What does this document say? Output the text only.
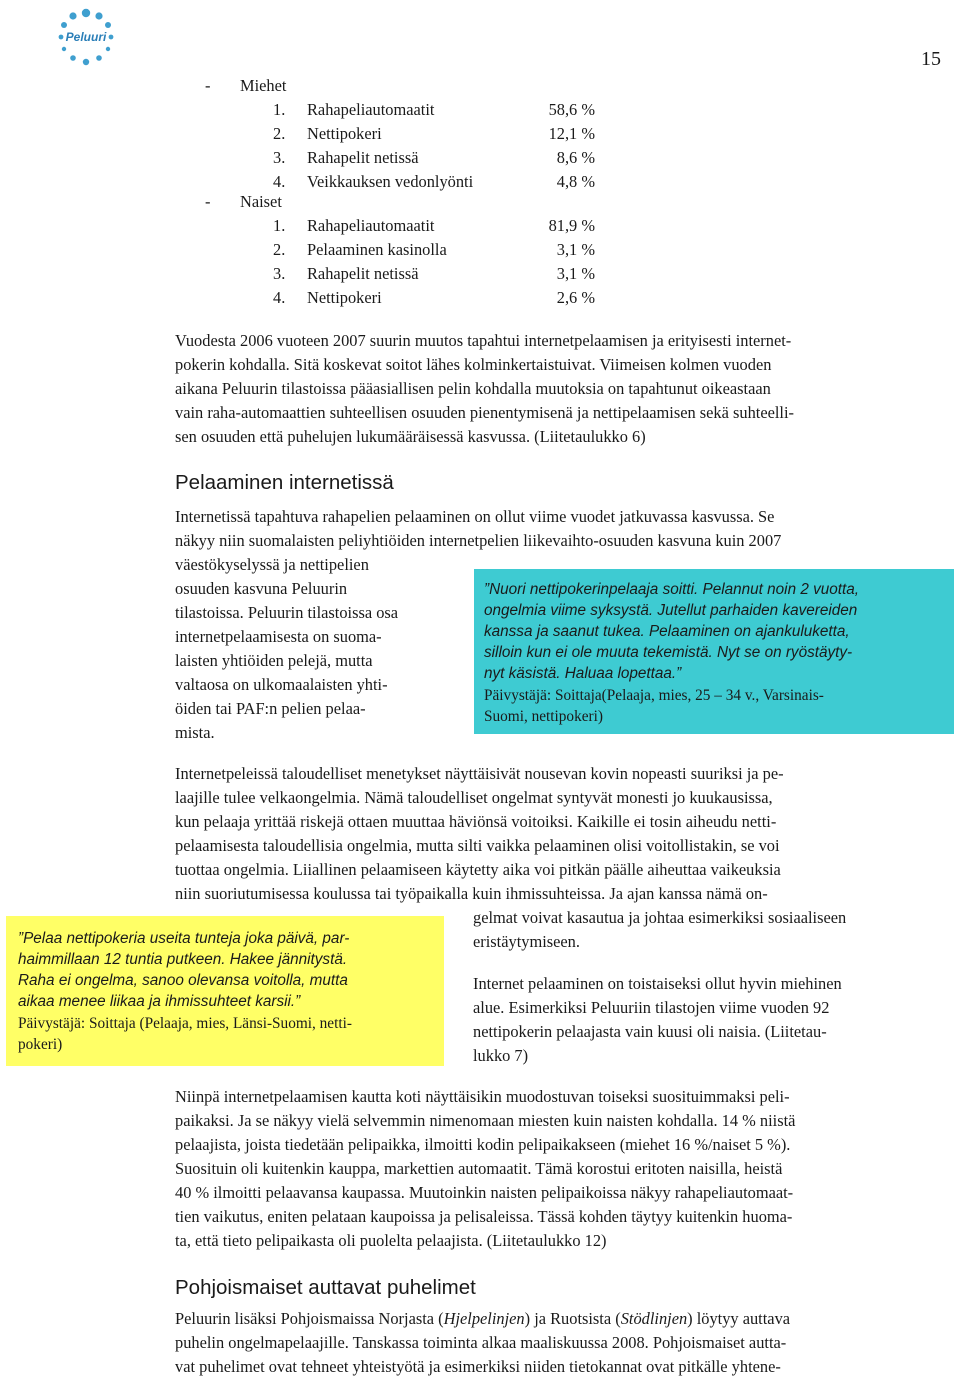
Peluuri
15
- Miehet
1. Rahapeliautomaatit	58,6 %
2. Nettipokeri	12,1 %
3. Rahapelit netissä	8,6 %
4. Veikkauksen vedonlyönti	4,8 %
- Naiset
1. Rahapeliautomaatit	81,9 %
2. Pelaaminen kasinolla	3,1 %
3. Rahapelit netissä	3,1 %
4. Nettipokeri	2,6 %
Vuodesta 2006 vuoteen 2007 suurin muutos tapahtui internetpelaamisen ja erityisesti internet-
pokerin kohdalla. Sitä koskevat soitot lähes kolminkertaistuivat. Viimeisen kolmen vuoden
aikana Peluurin tilastoissa pääasiallisen pelin kohdalla muutoksia on tapahtunut oikeastaan
vain raha-automaattien suhteellisen osuuden pienentymisenä ja nettipelaamisen sekä suhteelli-
sen osuuden että puhelujen lukumääräisessä kasvussa. (Liitetaulukko 6)
Pelaaminen internetissä
Internetissä tapahtuva rahapelien pelaaminen on ollut viime vuodet jatkuvassa kasvussa. Se
näkyy niin suomalaisten peliyhtiöiden internetpelien liikevaihto-osuuden kasvuna kuin 2007
väestökyselyssä ja nettipelien
osuuden kasvuna Peluurin
tilastoissa. Peluurin tilastoissa osa
internetpelaamisesta on suoma-
laisten yhtiöiden pelejä, mutta
valtaosa on ulkomaalaisten yhti-
öiden tai PAF:n pelien pelaa-
mista.
”Nuori nettipokerinpelaaja soitti. Pelannut noin 2 vuotta,
ongelmia viime syksystä. Jutellut parhaiden kavereiden
kanssa ja saanut tukea. Pelaaminen on ajankuluketta,
silloin kun ei ole muuta tekemistä. Nyt se on ryöstäyty-
nyt käsistä. Haluaa lopettaa.”
Päivystäjä: Soittaja(Pelaaja, mies, 25 – 34 v., Varsinais-
Suomi, nettipokeri)
Internetpeleissä taloudelliset menetykset näyttäisivät nousevan kovin nopeasti suuriksi ja pe-
laajille tulee velkaongelmia. Nämä taloudelliset ongelmat syntyvät monesti jo kuukausissa,
kun pelaaja yrittää riskejä ottaen muuttaa häviönsä voitoiksi. Kaikille ei tosin aiheudu netti-
pelaamisesta taloudellisia ongelmia, mutta silti vaikka pelaaminen olisi voitollistakin, se voi
tuottaa ongelmia. Liiallinen pelaamiseen käytetty aika voi pitkän päälle aiheuttaa vaikeuksia
niin suoriutumisessa koulussa tai työpaikalla kuin ihmissuhteissa. Ja ajan kanssa nämä on-
gelmat voivat kasautua ja johtaa esimerkiksi sosiaaliseen
eristäytymiseen.
”Pelaa nettipokeria useita tunteja joka päivä, par-
haimmillaan 12 tuntia putkeen. Hakee jännitystä.
Raha ei ongelma, sanoo olevansa voitolla, mutta
aikaa menee liikaa ja ihmissuhteet karsii.”
Päivystäjä: Soittaja (Pelaaja, mies, Länsi-Suomi, netti-
pokeri)
Internet pelaaminen on toistaiseksi ollut hyvin miehinen
alue. Esimerkiksi Peluuriin tilastojen viime vuoden 92
nettipokerin pelaajasta vain kuusi oli naisia. (Liitetau-
lukko 7)
Niinpä internetpelaamisen kautta koti näyttäisikin muodostuvan toiseksi suosituimmaksi peli-
paikaksi. Ja se näkyy vielä selvemmin nimenomaan miesten kuin naisten kohdalla. 14 % niistä
pelaajista, joista tiedetään pelipaikka, ilmoitti kodin pelipaikakseen (miehet 16 %/naiset 5 %).
Suosituin oli kuitenkin kauppa, markettien automaatit. Tämä korostui eritoten naisilla, heistä
40 % ilmoitti pelaavansa kaupassa. Muutoinkin naisten pelipaikoissa näkyy rahapeliautomaat-
tien vaikutus, eniten pelataan kaupoissa ja pelisaleissa. Tässä kohden täytyy kuitenkin huoma-
ta, että tieto pelipaikasta oli puolelta pelaajista. (Liitetaulukko 12)
Pohjoismaiset auttavat puhelimet
Peluurin lisäksi Pohjoismaissa Norjasta (Hjelpelinjen) ja Ruotsista (Stödlinjen) löytyy auttava
puhelin ongelmapelaajille. Tanskassa toiminta alkaa maaliskuussa 2008. Pohjoismaiset autta-
vat puhelimet ovat tehneet yhteistyötä ja esimerkiksi niiden tietokannat ovat pitkälle yhtene-
